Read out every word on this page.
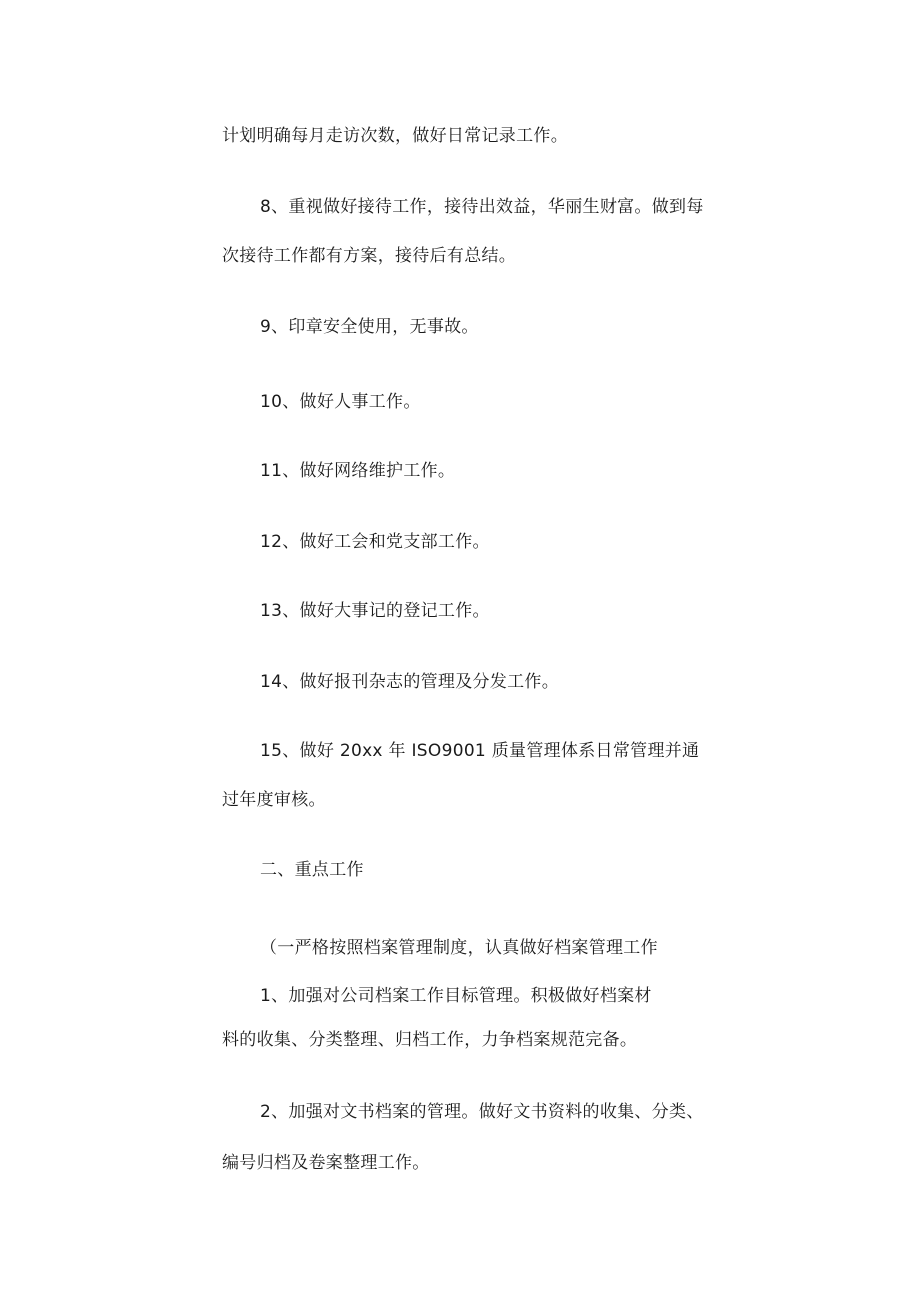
计划明确每月走访次数，做好日常记录工作。

8、重视做好接待工作，接待出效益，华丽生财富。做到每

次接待工作都有方案，接待后有总结。

9、印章安全使用，无事故。

10、做好人事工作。

11、做好网络维护工作。

12、做好工会和党支部工作。

13、做好大事记的登记工作。

14、做好报刊杂志的管理及分发工作。

15、做好 20xx 年 ISO9001 质量管理体系日常管理并通

过年度审核。

二、重点工作

（一严格按照档案管理制度，认真做好档案管理工作

1、加强对公司档案工作目标管理。积极做好档案材

料的收集、分类整理、归档工作，力争档案规范完备。

2、加强对文书档案的管理。做好文书资料的收集、分类、

编号归档及卷案整理工作。
